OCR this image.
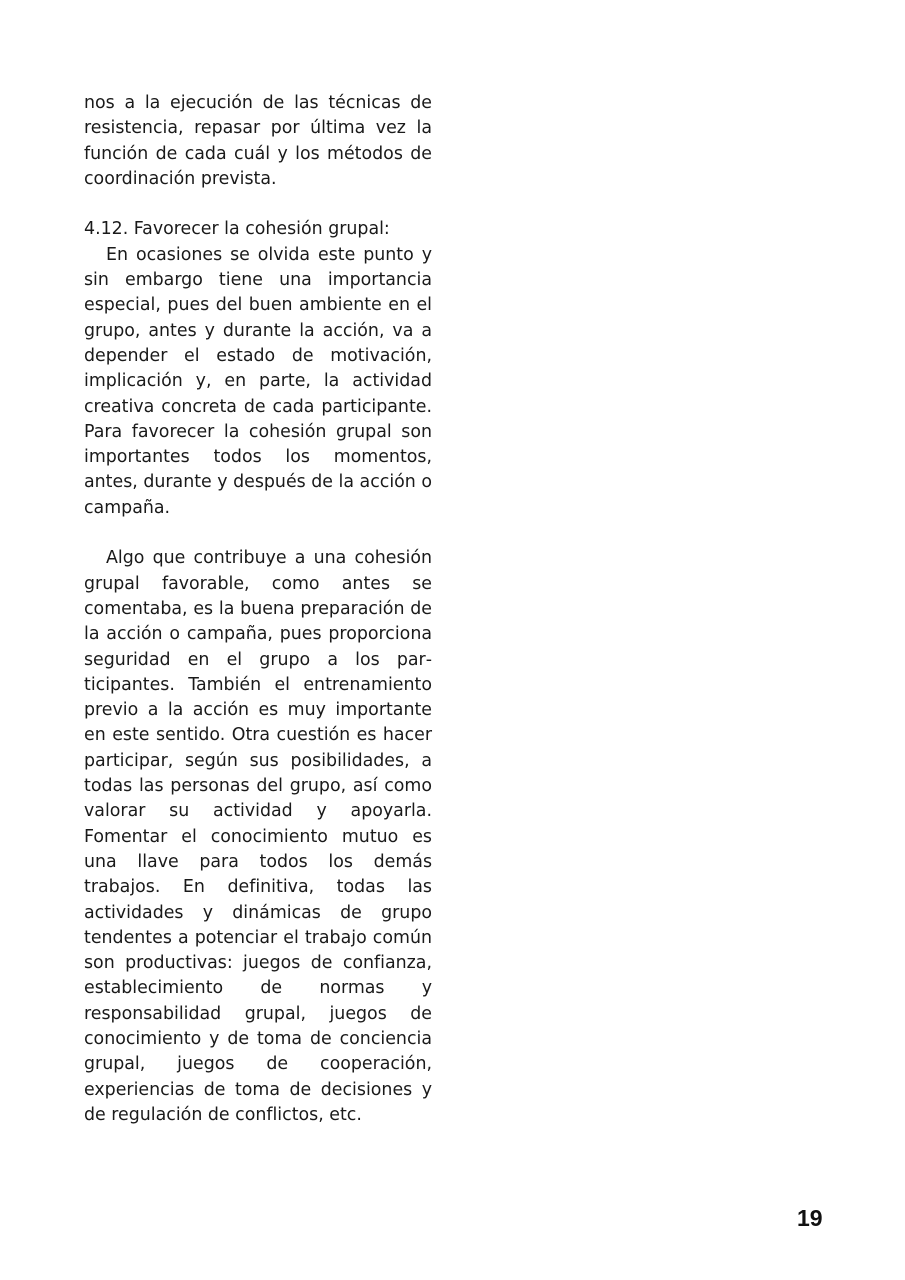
nos a la ejecución de las técnicas de resistencia, repasar por última vez la función de cada cuál y los métodos de coordinación prevista.

4.12. Favorecer la cohesión grupal:

En ocasiones se olvida este punto y sin embargo tiene una importancia especial, pues del buen ambiente en el grupo, antes y durante la acción, va a depender el estado de motivación, implicación y, en parte, la actividad creativa concreta de cada participante. Para favorecer la cohesión grupal son importantes todos los momentos, antes, durante y después de la acción o campaña.

Algo que contribuye a una cohesión grupal favorable, como antes se comentaba, es la buena preparación de la acción o campaña, pues proporciona seguridad en el grupo a los participantes. También el entrenamiento previo a la acción es muy importante en este sentido. Otra cuestión es hacer participar, según sus posibilidades, a todas las personas del grupo, así como valorar su actividad y apoyarla. Fomentar el conocimiento mutuo es una llave para todos los demás trabajos. En definitiva, todas las actividades y dinámicas de grupo tendentes a potenciar el trabajo común son productivas: juegos de confianza, establecimiento de normas y responsabilidad grupal, juegos de conocimiento y de toma de conciencia grupal, juegos de cooperación, experiencias de toma de decisiones y de regulación de conflictos, etc.

19
